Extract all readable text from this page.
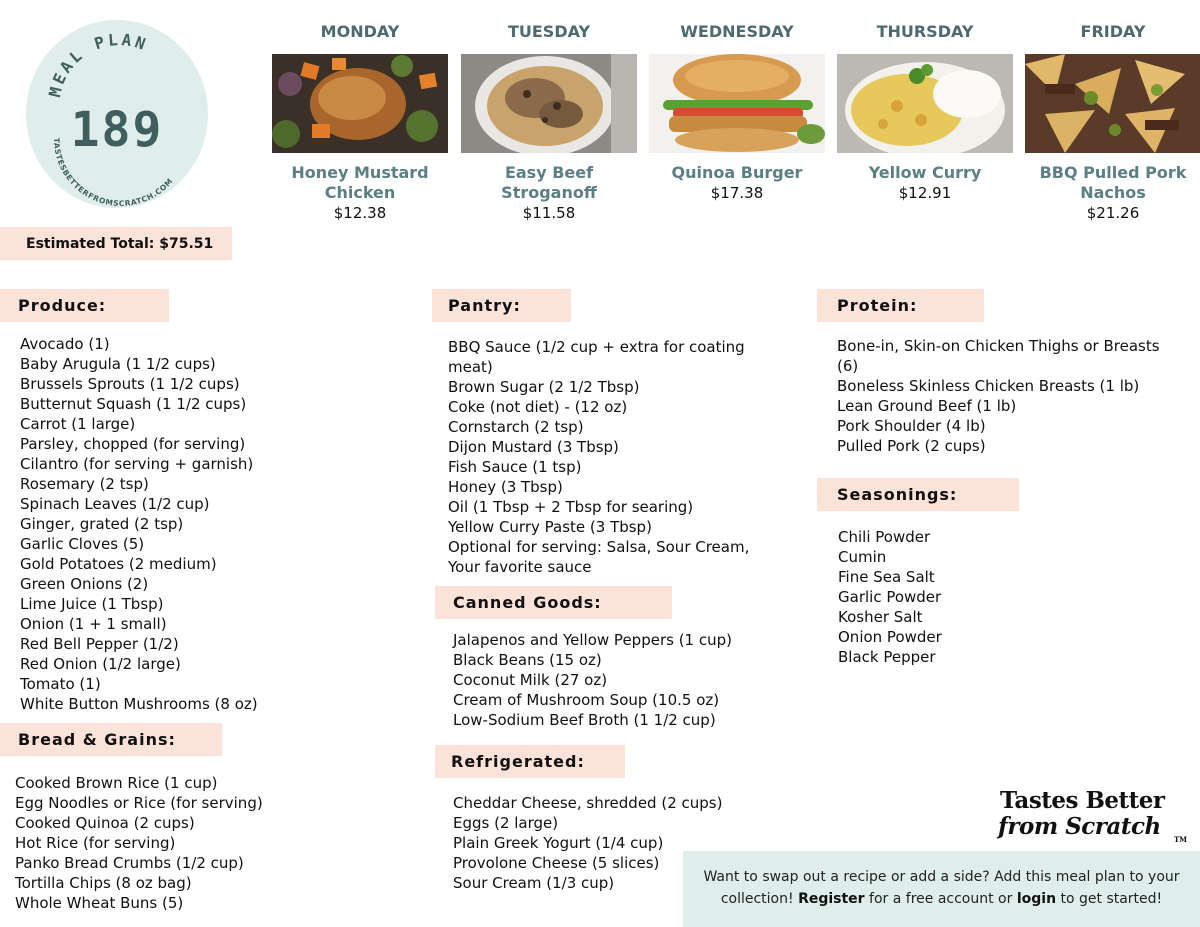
MEAL PLAN
TASTESBETTERFROMSCRATCH.COM
189
MONDAY
Honey Mustard Chicken
$12.38
TUESDAY
Easy Beef Stroganoff
$11.58
WEDNESDAY
Quinoa Burger
$17.38
THURSDAY
Yellow Curry
$12.91
FRIDAY
BBQ Pulled Pork Nachos
$21.26
Estimated Total: $75.51
Produce:
Avocado (1)
Baby Arugula (1 1/2 cups)
Brussels Sprouts (1 1/2 cups)
Butternut Squash (1 1/2 cups)
Carrot (1 large)
Parsley, chopped (for serving)
Cilantro (for serving + garnish)
Rosemary (2 tsp)
Spinach Leaves (1/2 cup)
Ginger, grated (2 tsp)
Garlic Cloves (5)
Gold Potatoes (2 medium)
Green Onions (2)
Lime Juice (1 Tbsp)
Onion (1 + 1 small)
Red Bell Pepper (1/2)
Red Onion (1/2 large)
Tomato (1)
White Button Mushrooms (8 oz)
Bread & Grains:
Cooked Brown Rice (1 cup)
Egg Noodles or Rice (for serving)
Cooked Quinoa (2 cups)
Hot Rice (for serving)
Panko Bread Crumbs (1/2 cup)
Tortilla Chips (8 oz bag)
Whole Wheat Buns (5)
Pantry:
BBQ Sauce (1/2 cup + extra for coating
meat)
Brown Sugar (2 1/2 Tbsp)
Coke (not diet) - (12 oz)
Cornstarch (2 tsp)
Dijon Mustard (3 Tbsp)
Fish Sauce (1 tsp)
Honey (3 Tbsp)
Oil (1 Tbsp + 2 Tbsp for searing)
Yellow Curry Paste (3 Tbsp)
Optional for serving: Salsa, Sour Cream,
Your favorite sauce
Canned Goods:
Jalapenos and Yellow Peppers (1 cup)
Black Beans (15 oz)
Coconut Milk (27 oz)
Cream of Mushroom Soup (10.5 oz)
Low-Sodium Beef Broth (1 1/2 cup)
Refrigerated:
Cheddar Cheese, shredded (2 cups)
Eggs (2 large)
Plain Greek Yogurt (1/4 cup)
Provolone Cheese (5 slices)
Sour Cream (1/3 cup)
Protein:
Bone-in, Skin-on Chicken Thighs or Breasts
(6)
Boneless Skinless Chicken Breasts (1 lb)
Lean Ground Beef (1 lb)
Pork Shoulder (4 lb)
Pulled Pork (2 cups)
Seasonings:
Chili Powder
Cumin
Fine Sea Salt
Garlic Powder
Kosher Salt
Onion Powder
Black Pepper
Tastes Better
from Scratch TM
Want to swap out a recipe or add a side? Add this meal plan to your collection! Register for a free account or login to get started!
